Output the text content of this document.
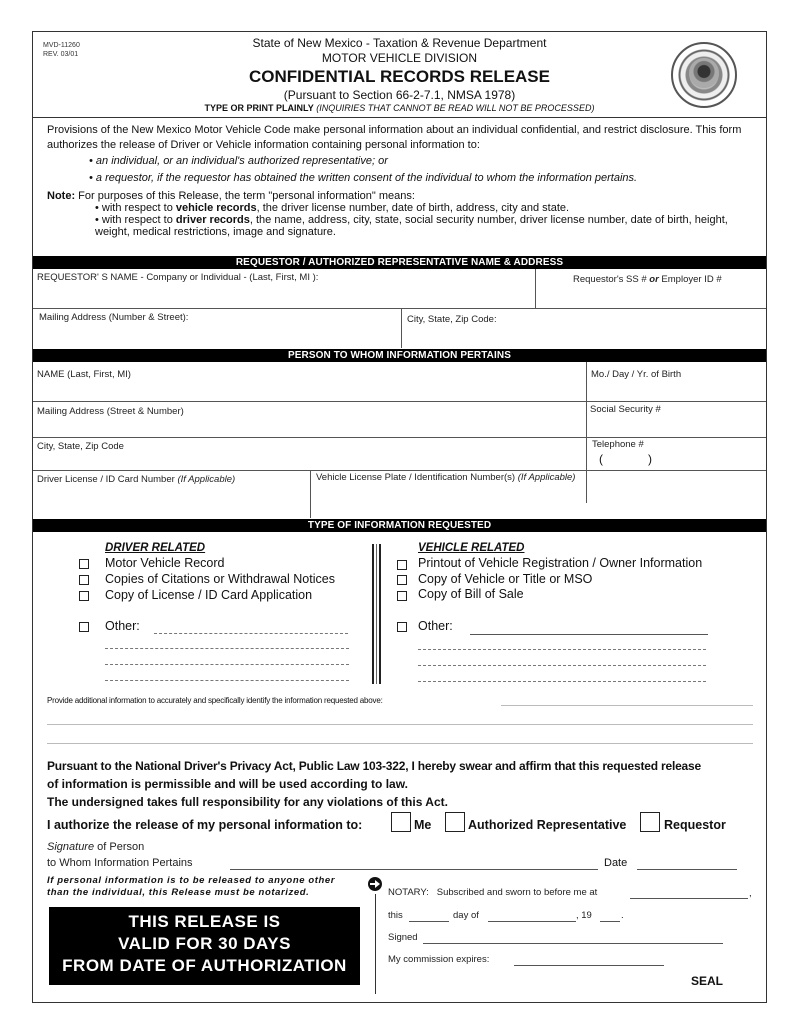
MVD-11260
REV. 03/01
State of New Mexico - Taxation & Revenue Department
MOTOR VEHICLE DIVISION
CONFIDENTIAL RECORDS RELEASE
(Pursuant to Section 66-2-7.1, NMSA 1978)
TYPE OR PRINT PLAINLY (INQUIRIES THAT CANNOT BE READ WILL NOT BE PROCESSED)
Provisions of the New Mexico Motor Vehicle Code make personal information about an individual confidential, and restrict disclosure. This form authorizes the release of Driver or Vehicle information containing personal information to:
• an individual, or an individual's authorized representative; or
• a requestor, if the requestor has obtained the written consent of the individual to whom the information pertains.
Note: For purposes of this Release, the term "personal information" means:
• with respect to vehicle records, the driver license number, date of birth, address, city and state.
• with respect to driver records, the name, address, city, state, social security number, driver license number, date of birth, height, weight, medical restrictions, image and signature.
REQUESTOR / AUTHORIZED REPRESENTATIVE NAME & ADDRESS
REQUESTOR' S NAME - Company or Individual - (Last, First, MI ):	Requestor's SS # or Employer ID #
Mailing Address (Number & Street):	City, State, Zip Code:
PERSON TO WHOM INFORMATION PERTAINS
NAME (Last, First, MI)	Mo./ Day / Yr. of Birth
Mailing Address (Street & Number)	Social Security #
City, State, Zip Code	Telephone #
(	)
Driver License / ID Card Number (If Applicable)	Vehicle License Plate / Identification Number(s) (If Applicable)
TYPE OF INFORMATION REQUESTED
DRIVER RELATED
Motor Vehicle Record
Copies of Citations or Withdrawal Notices
Copy of License / ID Card Application
Other:
VEHICLE RELATED
Printout of Vehicle Registration / Owner Information
Copy of Vehicle or Title or MSO
Copy of Bill of Sale
Other:
Provide additional information to accurately and specifically identify the information requested above:
Pursuant to the National Driver's Privacy Act, Public Law 103-322, I hereby swear and affirm that this requested release
of information is permissible and will be used according to law.
The undersigned takes full responsibility for any violations of this Act.
I authorize the release of my personal information to:	Me	Authorized Representative	Requestor
Signature of Person
to Whom Information Pertains	Date
If personal information is to be released to anyone other
than the individual, this Release must be notarized.
THIS RELEASE IS
VALID FOR 30 DAYS
FROM DATE OF AUTHORIZATION
NOTARY: Subscribed and sworn to before me at	,
this	day of	, 19	.
Signed
My commission expires:
SEAL
